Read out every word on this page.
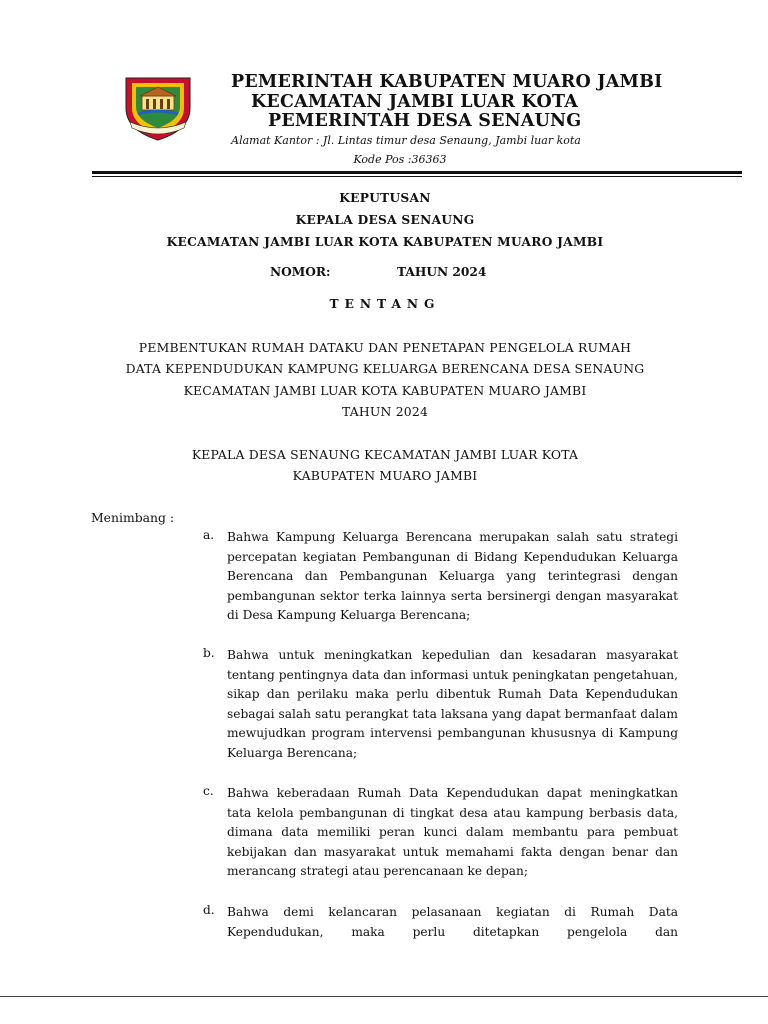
PEMERINTAH KABUPATEN MUARO JAMBI
KECAMATAN JAMBI LUAR KOTA
PEMERINTAH DESA SENAUNG
Alamat Kantor : Jl. Lintas timur desa Senaung, Jambi luar kota
Kode Pos :36363
KEPUTUSAN
KEPALA DESA SENAUNG
KECAMATAN JAMBI LUAR KOTA KABUPATEN MUARO JAMBI
NOMOR:	TAHUN 2024
TENTANG
PEMBENTUKAN RUMAH DATAKU DAN PENETAPAN PENGELOLA RUMAH
DATA KEPENDUDUKAN KAMPUNG KELUARGA BERENCANA DESA SENAUNG
KECAMATAN JAMBI LUAR KOTA KABUPATEN MUARO JAMBI
TAHUN 2024
KEPALA DESA SENAUNG KECAMATAN JAMBI LUAR KOTA
KABUPATEN MUARO JAMBI
Menimbang :
a. Bahwa Kampung Keluarga Berencana merupakan salah satu strategi percepatan kegiatan Pembangunan di Bidang Kependudukan Keluarga Berencana dan Pembangunan Keluarga yang terintegrasi dengan pembangunan sektor terka lainnya serta bersinergi dengan masyarakat di Desa Kampung Keluarga Berencana;
b. Bahwa untuk meningkatkan kepedulian dan kesadaran masyarakat tentang pentingnya data dan informasi untuk peningkatan pengetahuan, sikap dan perilaku maka perlu dibentuk Rumah Data Kependudukan sebagai salah satu perangkat tata laksana yang dapat bermanfaat dalam mewujudkan program intervensi pembangunan khususnya di Kampung Keluarga Berencana;
c. Bahwa keberadaan Rumah Data Kependudukan dapat meningkatkan tata kelola pembangunan di tingkat desa atau kampung berbasis data, dimana data memiliki peran kunci dalam membantu para pembuat kebijakan dan masyarakat untuk memahami fakta dengan benar dan merancang strategi atau perencanaan ke depan;
d. Bahwa demi kelancaran pelasanaan kegiatan di Rumah Data Kependudukan, maka perlu ditetapkan pengelola dan
